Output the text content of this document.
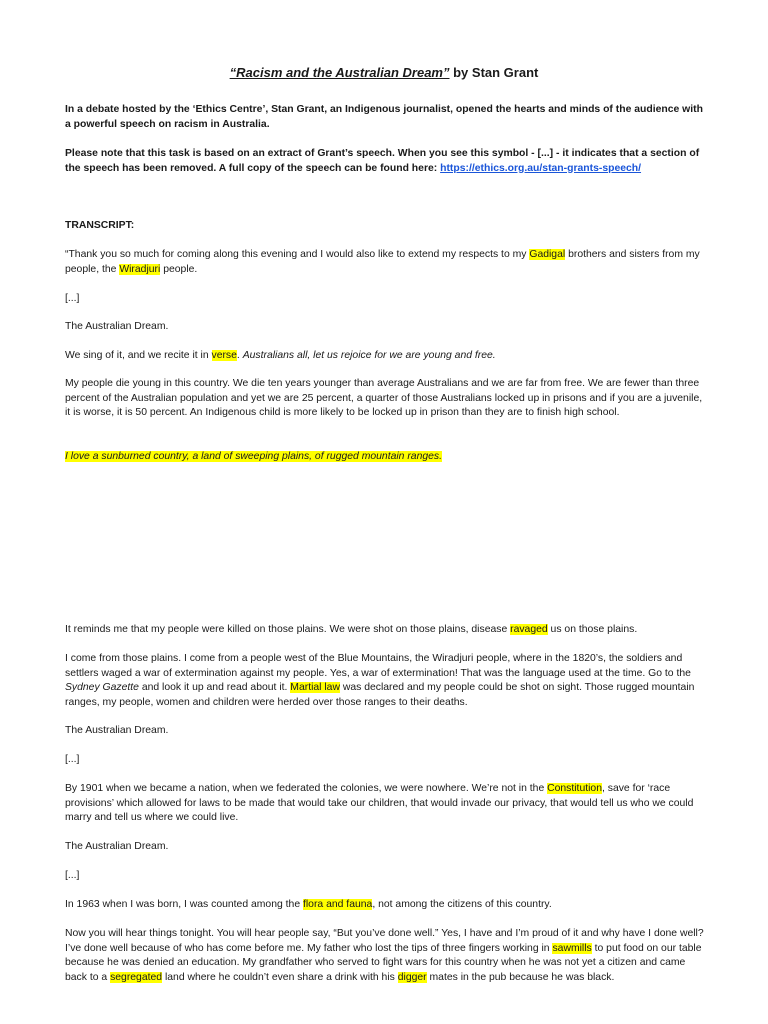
“Racism and the Australian Dream” by Stan Grant

In a debate hosted by the ‘Ethics Centre’, Stan Grant, an Indigenous journalist, opened the hearts and minds of the audience with a powerful speech on racism in Australia.

Please note that this task is based on an extract of Grant’s speech. When you see this symbol - [...] - it indicates that a section of the speech has been removed. A full copy of the speech can be found here: https://ethics.org.au/stan-grants-speech/

TRANSCRIPT:

“Thank you so much for coming along this evening and I would also like to extend my respects to my Gadigal brothers and sisters from my people, the Wiradjuri people.

[...]

The Australian Dream.

We sing of it, and we recite it in verse. Australians all, let us rejoice for we are young and free.

My people die young in this country. We die ten years younger than average Australians and we are far from free. We are fewer than three percent of the Australian population and yet we are 25 percent, a quarter of those Australians locked up in prisons and if you are a juvenile, it is worse, it is 50 percent. An Indigenous child is more likely to be locked up in prison than they are to finish high school.

I love a sunburned country, a land of sweeping plains, of rugged mountain ranges.

It reminds me that my people were killed on those plains. We were shot on those plains, disease ravaged us on those plains.

I come from those plains. I come from a people west of the Blue Mountains, the Wiradjuri people, where in the 1820’s, the soldiers and settlers waged a war of extermination against my people. Yes, a war of extermination! That was the language used at the time. Go to the Sydney Gazette and look it up and read about it. Martial law was declared and my people could be shot on sight. Those rugged mountain ranges, my people, women and children were herded over those ranges to their deaths.

The Australian Dream.

[...]

By 1901 when we became a nation, when we federated the colonies, we were nowhere. We’re not in the Constitution, save for ‘race provisions’ which allowed for laws to be made that would take our children, that would invade our privacy, that would tell us who we could marry and tell us where we could live.

The Australian Dream.

[...]

In 1963 when I was born, I was counted among the flora and fauna, not among the citizens of this country.

Now you will hear things tonight. You will hear people say, “But you’ve done well.” Yes, I have and I’m proud of it and why have I done well? I’ve done well because of who has come before me. My father who lost the tips of three fingers working in sawmills to put food on our table because he was denied an education. My grandfather who served to fight wars for this country when he was not yet a citizen and came back to a segregated land where he couldn’t even share a drink with his digger mates in the pub because he was black.
